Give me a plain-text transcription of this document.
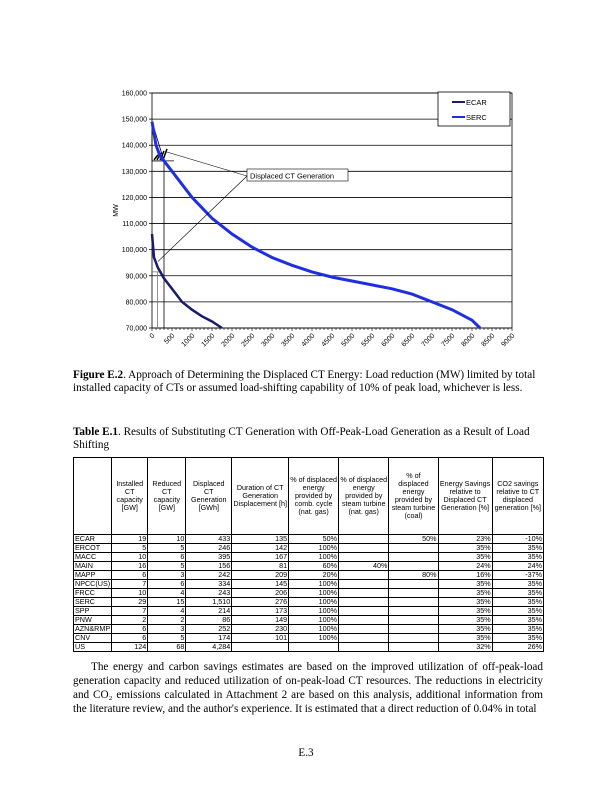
70,000
80,000
90,000
100,000
110,000
120,000
130,000
140,000
150,000
160,000
0 500 1000 1500 2000 2500 3000 3500 4000 4500 5000 5500 6000 6500 7000 7500 8000 8500 9000
MW
Displaced CT Generation
ECAR
SERC
Figure E.2. Approach of Determining the Displaced CT Energy: Load reduction (MW) limited by total installed capacity of CTs or assumed load-shifting capability of 10% of peak load, whichever is less.
Table E.1. Results of Substituting CT Generation with Off-Peak-Load Generation as a Result of Load Shifting
	Installed CT capacity [GW]	Reduced CT capacity [GW]	Displaced CT Generation [GWh]	Duration of CT Generation Displacement [h]	% of displaced energy provided by comb. cycle (nat. gas)	% of displaced energy provided by steam turbine (nat. gas)	% of displaced energy provided by steam turbine (coal)	Energy Savings relative to Displaced CT Generation [%]	CO2 savings relative to CT displaced generation [%]
ECAR	19	10	433	135	50%		50%	23%	-10%
ERCOT	5	5	246	142	100%			35%	35%
MACC	10	6	395	167	100%			35%	35%
MAIN	16	5	156	81	60%	40%		24%	24%
MAPP	6	3	242	209	20%		80%	16%	-37%
NPCC(US)	7	6	334	145	100%			35%	35%
FRCC	10	4	243	206	100%			35%	35%
SERC	29	15	1,510	276	100%			35%	35%
SPP	7	4	214	173	100%			35%	35%
PNW	2	2	86	149	100%			35%	35%
AZN&RMP	6	3	252	230	100%			35%	35%
CNV	6	5	174	101	100%			35%	35%
US	124	68	4,284					32%	26%
The energy and carbon savings estimates are based on the improved utilization of off-peak-load generation capacity and reduced utilization of on-peak-load CT resources. The reductions in electricity and CO₂ emissions calculated in Attachment 2 are based on this analysis, additional information from the literature review, and the author's experience. It is estimated that a direct reduction of 0.04% in total
E.3
